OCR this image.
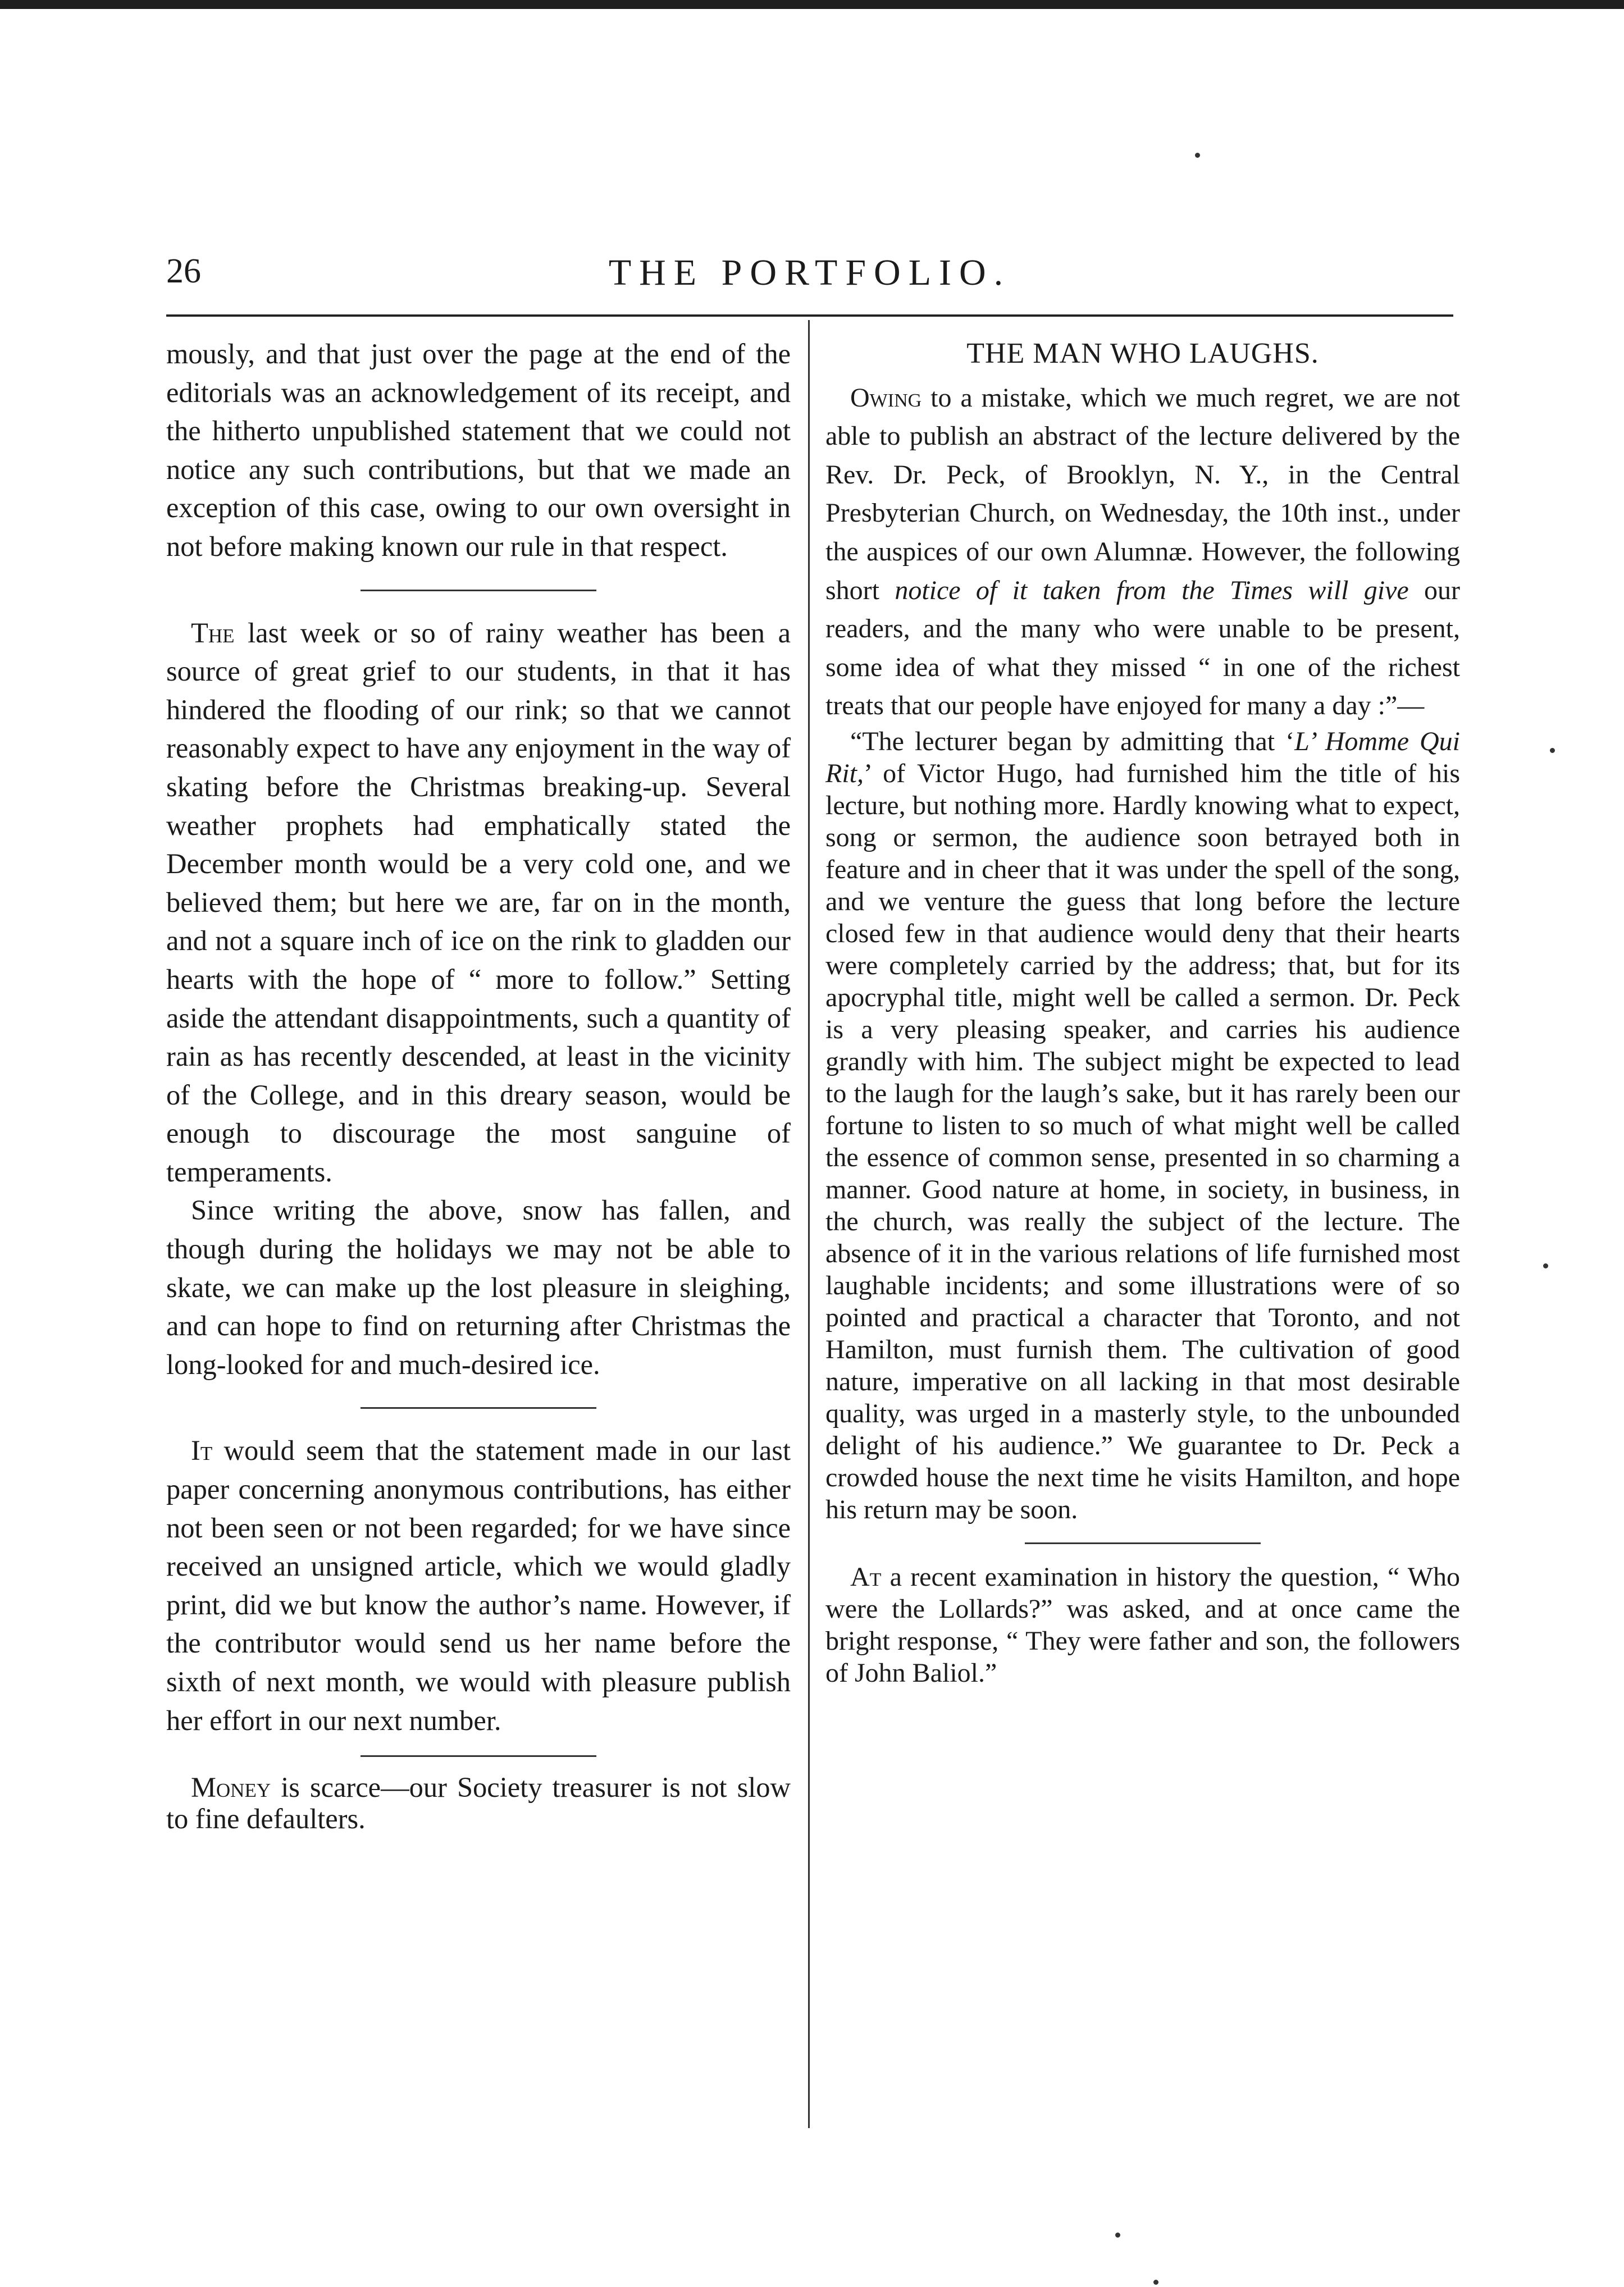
26	THE PORTFOLIO.

mously, and that just over the page at the end of the editorials was an acknowledgement of its receipt, and the hitherto unpublished statement that we could not notice any such contributions, but that we made an exception of this case, owing to our own oversight in not before making known our rule in that respect.

The last week or so of rainy weather has been a source of great grief to our students, in that it has hindered the flooding of our rink; so that we cannot reasonably expect to have any enjoyment in the way of skating before the Christmas breaking-up. Several weather prophets had emphatically stated the December month would be a very cold one, and we believed them; but here we are, far on in the month, and not a square inch of ice on the rink to gladden our hearts with the hope of “ more to follow.” Setting aside the attendant disappointments, such a quantity of rain as has recently descended, at least in the vicinity of the College, and in this dreary season, would be enough to discourage the most sanguine of temperaments.

Since writing the above, snow has fallen, and though during the holidays we may not be able to skate, we can make up the lost pleasure in sleighing, and can hope to find on returning after Christmas the long-looked for and much-desired ice.

It would seem that the statement made in our last paper concerning anonymous contributions, has either not been seen or not been regarded; for we have since received an unsigned article, which we would gladly print, did we but know the author’s name. However, if the contributor would send us her name before the sixth of next month, we would with pleasure publish her effort in our next number.

Money is scarce—our Society treasurer is not slow to fine defaulters.

THE MAN WHO LAUGHS.

Owing to a mistake, which we much regret, we are not able to publish an abstract of the lecture delivered by the Rev. Dr. Peck, of Brooklyn, N. Y., in the Central Presbyterian Church, on Wednesday, the 10th inst., under the auspices of our own Alumnæ. However, the following short notice of it taken from the Times will give our readers, and the many who were unable to be present, some idea of what they missed “ in one of the richest treats that our people have enjoyed for many a day :”—

“The lecturer began by admitting that ‘L’ Homme Qui Rit,’ of Victor Hugo, had furnished him the title of his lecture, but nothing more. Hardly knowing what to expect, song or sermon, the audience soon betrayed both in feature and in cheer that it was under the spell of the song, and we venture the guess that long before the lecture closed few in that audience would deny that their hearts were completely carried by the address; that, but for its apocryphal title, might well be called a sermon. Dr. Peck is a very pleasing speaker, and carries his audience grandly with him. The subject might be expected to lead to the laugh for the laugh’s sake, but it has rarely been our fortune to listen to so much of what might well be called the essence of common sense, presented in so charming a manner. Good nature at home, in society, in business, in the church, was really the subject of the lecture. The absence of it in the various relations of life furnished most laughable incidents; and some illustrations were of so pointed and practical a character that Toronto, and not Hamilton, must furnish them. The cultivation of good nature, imperative on all lacking in that most desirable quality, was urged in a masterly style, to the unbounded delight of his audience.” We guarantee to Dr. Peck a crowded house the next time he visits Hamilton, and hope his return may be soon.

At a recent examination in history the question, “ Who were the Lollards?” was asked, and at once came the bright response, “ They were father and son, the followers of John Baliol.”
